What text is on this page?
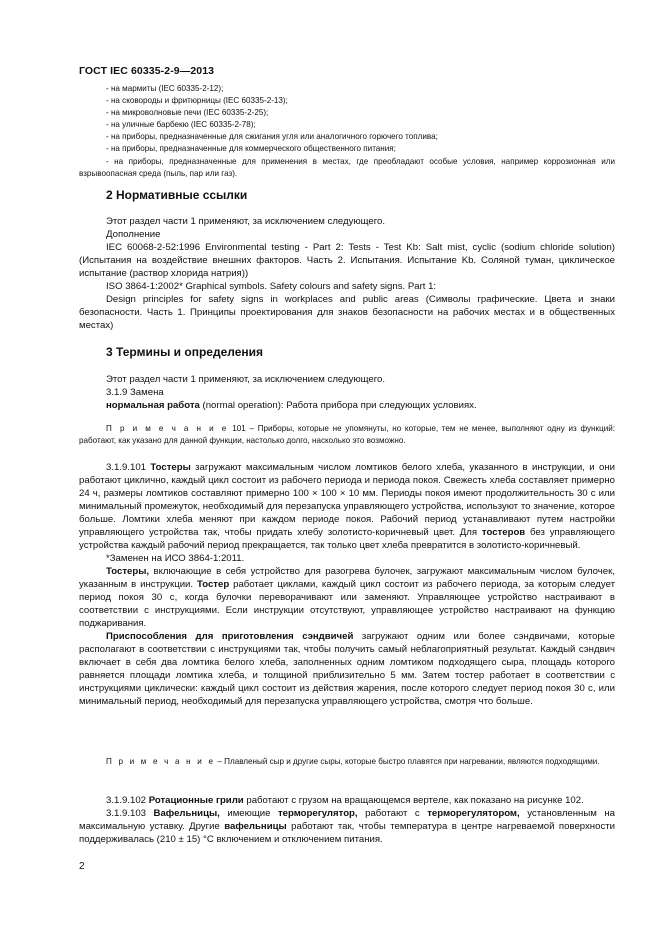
ГОСТ IEC 60335-2-9—2013
- на мармиты (IEC 60335-2-12);
- на сковороды и фритюрницы (IEC 60335-2-13);
- на микроволновые печи (IEC 60335-2-25);
- на уличные барбекю (IEC 60335-2-78);
- на приборы, предназначенные для сжигания угля или аналогичного горючего топлива;
- на приборы, предназначенные для коммерческого общественного питания;
- на приборы, предназначенные для применения в местах, где преобладают особые условия, например коррозионная или взрывоопасная среда (пыль, пар или газ).
2 Нормативные ссылки

Этот раздел части 1 применяют, за исключением следующего.

Дополнение

IEC 60068-2-52:1996 Environmental testing - Part 2: Tests - Test Kb: Salt mist, cyclic (sodium chloride solution) (Испытания на воздействие внешних факторов. Часть 2. Испытания. Испытание Kb. Соляной туман, циклическое испытание (раствор хлорида натрия))

ISO 3864-1:2002* Graphical symbols. Safety colours and safety signs. Part 1:

Design principles for safety signs in workplaces and public areas (Символы графические. Цвета и знаки безопасности. Часть 1. Принципы проектирования для знаков безопасности на рабочих местах и в общественных местах)

3 Термины и определения

Этот раздел части 1 применяют, за исключением следующего.

3.1.9 Замена

нормальная работа (normal operation): Работа прибора при следующих условиях.

П р и м е ч а н и е 101 – Приборы, которые не упомянуты, но которые, тем не менее, выполняют одну из функций: работают, как указано для данной функции, настолько долго, насколько это возможно.

3.1.9.101 Тостеры загружают максимальным числом ломтиков белого хлеба, указанного в инструкции, и они работают циклично, каждый цикл состоит из рабочего периода и периода покоя. Свежесть хлеба составляет примерно 24 ч, размеры ломтиков составляют примерно 100 × 100 × 10 мм. Периоды покоя имеют продолжительность 30 с или минимальный промежуток, необходимый для перезапуска управляющего устройства, используют то значение, которое больше. Ломтики хлеба меняют при каждом периоде покоя. Рабочий период устанавливают путем настройки управляющего устройства так, чтобы придать хлебу золотисто-коричневый цвет. Для тостеров без управляющего устройства каждый рабочий период прекращается, так только цвет хлеба превратится в золотисто-коричневый.

*Заменен на ИСО 3864-1:2011.

Тостеры, включающие в себя устройство для разогрева булочек, загружают максимальным числом булочек, указанным в инструкции. Тостер работает циклами, каждый цикл состоит из рабочего периода, за которым следует период покоя 30 с, когда булочки переворачивают или заменяют. Управляющее устройство настраивают в соответствии с инструкциями. Если инструкции отсутствуют, управляющее устройство настраивают на функцию поджаривания.

Приспособления для приготовления сэндвичей загружают одним или более сэндвичами, которые располагают в соответствии с инструкциями так, чтобы получить самый неблагоприятный результат. Каждый сэндвич включает в себя два ломтика белого хлеба, заполненных одним ломтиком подходящего сыра, площадь которого равняется площади ломтика хлеба, и толщиной приблизительно 5 мм. Затем тостер работает в соответствии с инструкциями циклически: каждый цикл состоит из действия жарения, после которого следует период покоя 30 с, или минимальный период, необходимый для перезапуска управляющего устройства, смотря что больше.

П р и м е ч а н и е – Плавленый сыр и другие сыры, которые быстро плавятся при нагревании, являются подходящими.

3.1.9.102 Ротационные грили работают с грузом на вращающемся вертеле, как показано на рисунке 102.

3.1.9.103 Вафельницы, имеющие терморегулятор, работают с терморегулятором, установленным на максимальную уставку. Другие вафельницы работают так, чтобы температура в центре нагреваемой поверхности поддерживалась (210 ± 15) °С включением и отключением питания.

2
